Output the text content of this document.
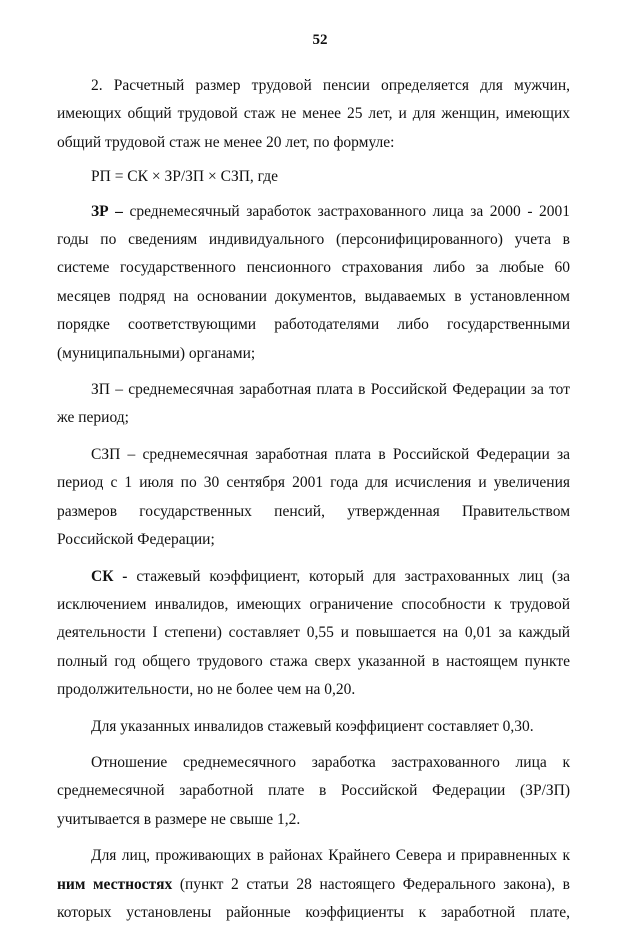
52

2. Расчетный размер трудовой пенсии определяется для мужчин, имеющих общий трудовой стаж не менее 25 лет, и для женщин, имеющих общий трудовой стаж не менее 20 лет, по формуле:

РП = СК × ЗР/ЗП × СЗП, где

ЗР – среднемесячный заработок застрахованного лица за 2000 - 2001 годы по сведениям индивидуального (персонифицированного) учета в системе государственного пенсионного страхования либо за любые 60 месяцев подряд на основании документов, выдаваемых в установленном порядке соответствующими работодателями либо государственными (муниципальными) органами;

ЗП – среднемесячная заработная плата в Российской Федерации за тот же период;

СЗП – среднемесячная заработная плата в Российской Федерации за период с 1 июля по 30 сентября 2001 года для исчисления и увеличения размеров государственных пенсий, утвержденная Правительством Российской Федерации;

СК - стажевый коэффициент, который для застрахованных лиц (за исключением инвалидов, имеющих ограничение способности к трудовой деятельности I степени) составляет 0,55 и повышается на 0,01 за каждый полный год общего трудового стажа сверх указанной в настоящем пункте продолжительности, но не более чем на 0,20.

Для указанных инвалидов стажевый коэффициент составляет 0,30.

Отношение среднемесячного заработка застрахованного лица к среднемесячной заработной плате в Российской Федерации (ЗР/ЗП) учитывается в размере не свыше 1,2.

Для лиц, проживающих в районах Крайнего Севера и приравненных к ним местностях (пункт 2 статьи 28 настоящего Федерального закона), в которых установлены районные коэффициенты к заработной плате,
